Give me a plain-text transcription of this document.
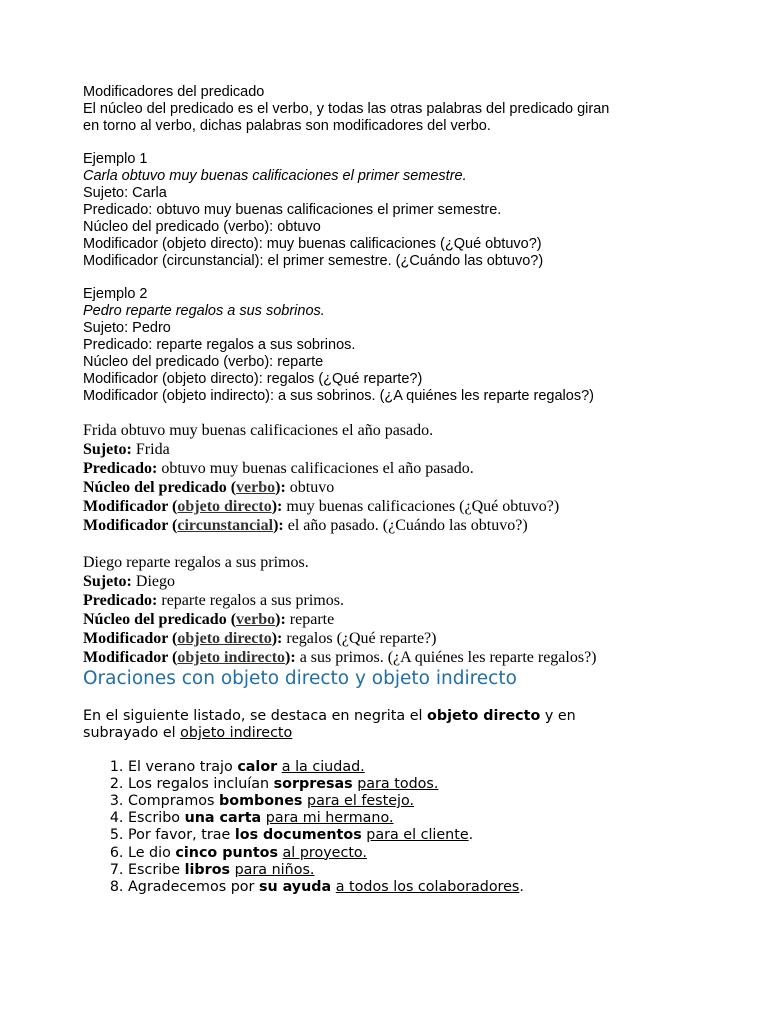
Modificadores del predicado

El núcleo del predicado es el verbo, y todas las otras palabras del predicado giran

en torno al verbo, dichas palabras son modificadores del verbo.

Ejemplo 1

Carla obtuvo muy buenas calificaciones el primer semestre.

Sujeto: Carla

Predicado: obtuvo muy buenas calificaciones el primer semestre.

Núcleo del predicado (verbo): obtuvo

Modificador (objeto directo): muy buenas calificaciones (¿Qué obtuvo?)

Modificador (circunstancial): el primer semestre. (¿Cuándo las obtuvo?)

Ejemplo 2

Pedro reparte regalos a sus sobrinos.

Sujeto: Pedro

Predicado: reparte regalos a sus sobrinos.

Núcleo del predicado (verbo): reparte

Modificador (objeto directo): regalos (¿Qué reparte?)

Modificador (objeto indirecto): a sus sobrinos. (¿A quiénes les reparte regalos?)

Frida obtuvo muy buenas calificaciones el año pasado.

Sujeto: Frida

Predicado: obtuvo muy buenas calificaciones el año pasado.

Núcleo del predicado (verbo): obtuvo

Modificador (objeto directo): muy buenas calificaciones (¿Qué obtuvo?)

Modificador (circunstancial): el año pasado. (¿Cuándo las obtuvo?)

Diego reparte regalos a sus primos.

Sujeto: Diego

Predicado: reparte regalos a sus primos.

Núcleo del predicado (verbo): reparte

Modificador (objeto directo): regalos (¿Qué reparte?)

Modificador (objeto indirecto): a sus primos. (¿A quiénes les reparte regalos?)

Oraciones con objeto directo y objeto indirecto

En el siguiente listado, se destaca en negrita el objeto directo y en

subrayado el objeto indirecto

1. El verano trajo calor a la ciudad.
2. Los regalos incluían sorpresas para todos.
3. Compramos bombones para el festejo.
4. Escribo una carta para mi hermano.
5. Por favor, trae los documentos para el cliente.
6. Le dio cinco puntos al proyecto.
7. Escribe libros para niños.
8. Agradecemos por su ayuda a todos los colaboradores.
